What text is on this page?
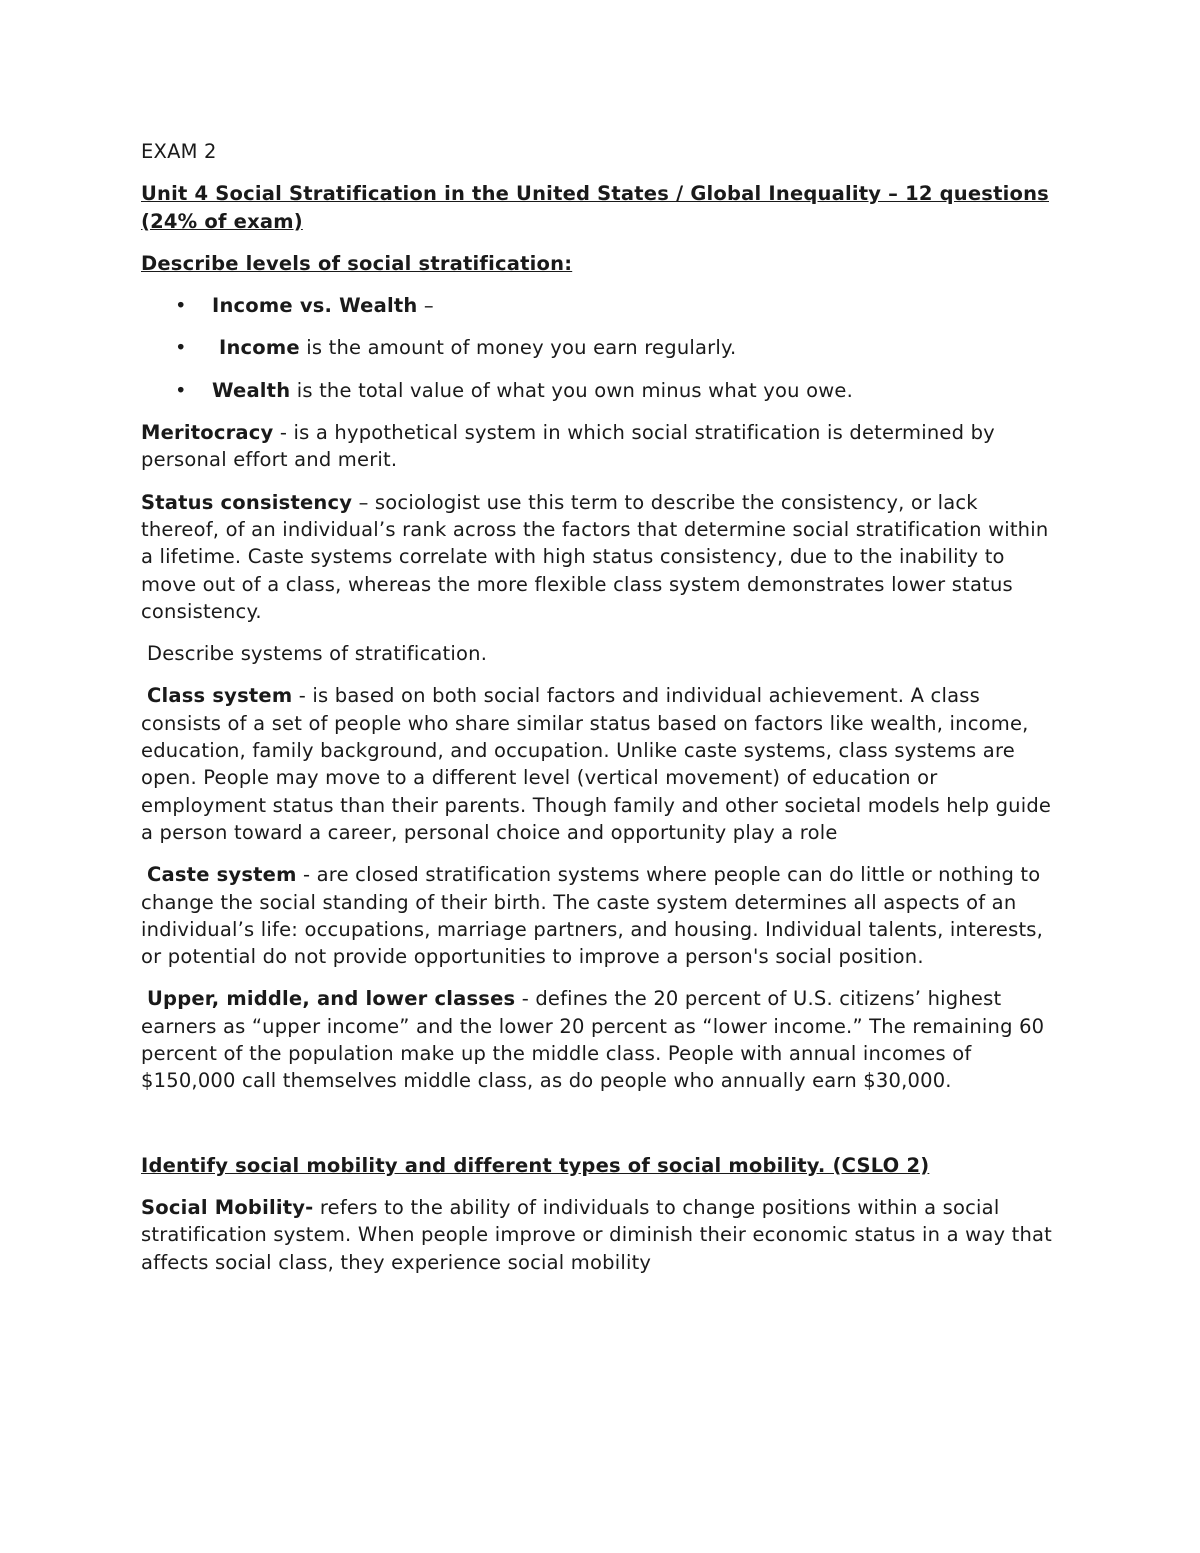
EXAM 2

Unit 4 Social Stratification in the United States / Global Inequality – 12 questions (24% of exam)

Describe levels of social stratification:

• Income vs. Wealth –
• Income is the amount of money you earn regularly.
• Wealth is the total value of what you own minus what you owe.

Meritocracy - is a hypothetical system in which social stratification is determined by personal effort and merit.

Status consistency – sociologist use this term to describe the consistency, or lack thereof, of an individual’s rank across the factors that determine social stratification within a lifetime. Caste systems correlate with high status consistency, due to the inability to move out of a class, whereas the more flexible class system demonstrates lower status consistency.

Describe systems of stratification.

Class system - is based on both social factors and individual achievement. A class consists of a set of people who share similar status based on factors like wealth, income, education, family background, and occupation. Unlike caste systems, class systems are open. People may move to a different level (vertical movement) of education or employment status than their parents. Though family and other societal models help guide a person toward a career, personal choice and opportunity play a role

Caste system - are closed stratification systems where people can do little or nothing to change the social standing of their birth. The caste system determines all aspects of an individual’s life: occupations, marriage partners, and housing. Individual talents, interests, or potential do not provide opportunities to improve a person's social position.

Upper, middle, and lower classes - defines the 20 percent of U.S. citizens’ highest earners as “upper income” and the lower 20 percent as “lower income.” The remaining 60 percent of the population make up the middle class. People with annual incomes of $150,000 call themselves middle class, as do people who annually earn $30,000.

Identify social mobility and different types of social mobility. (CSLO 2)

Social Mobility- refers to the ability of individuals to change positions within a social stratification system. When people improve or diminish their economic status in a way that affects social class, they experience social mobility
